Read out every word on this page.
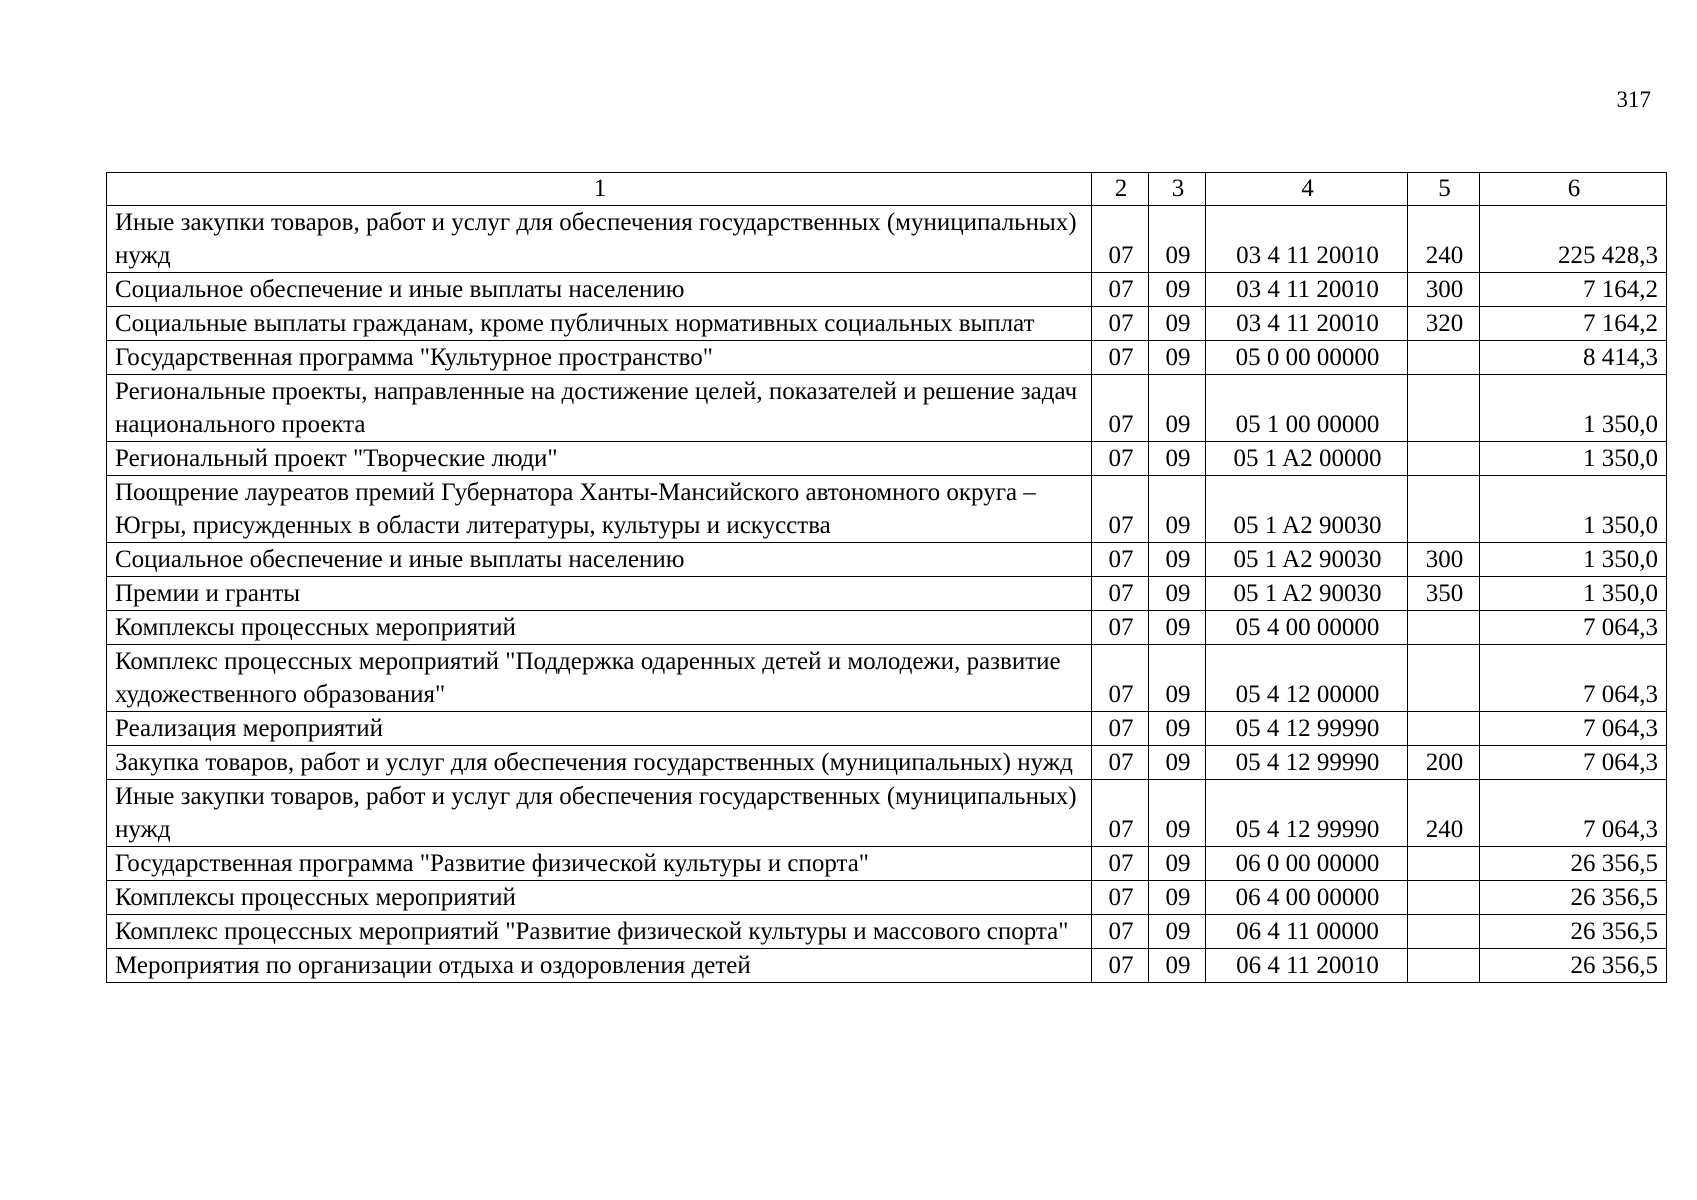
317
1	2	3	4	5	6
Иные закупки товаров, работ и услуг для обеспечения государственных (муниципальных) нужд	07	09	03 4 11 20010	240	225 428,3
Социальное обеспечение и иные выплаты населению	07	09	03 4 11 20010	300	7 164,2
Социальные выплаты гражданам, кроме публичных нормативных социальных выплат	07	09	03 4 11 20010	320	7 164,2
Государственная программа "Культурное пространство"	07	09	05 0 00 00000		8 414,3
Региональные проекты, направленные на достижение целей, показателей и решение задач национального проекта	07	09	05 1 00 00000		1 350,0
Региональный проект "Творческие люди"	07	09	05 1 A2 00000		1 350,0
Поощрение лауреатов премий Губернатора Ханты-Мансийского автономного округа – Югры, присужденных в области литературы, культуры и искусства	07	09	05 1 A2 90030		1 350,0
Социальное обеспечение и иные выплаты населению	07	09	05 1 A2 90030	300	1 350,0
Премии и гранты	07	09	05 1 A2 90030	350	1 350,0
Комплексы процессных мероприятий	07	09	05 4 00 00000		7 064,3
Комплекс процессных мероприятий "Поддержка одаренных детей и молодежи, развитие художественного образования"	07	09	05 4 12 00000		7 064,3
Реализация мероприятий	07	09	05 4 12 99990		7 064,3
Закупка товаров, работ и услуг для обеспечения государственных (муниципальных) нужд	07	09	05 4 12 99990	200	7 064,3
Иные закупки товаров, работ и услуг для обеспечения государственных (муниципальных) нужд	07	09	05 4 12 99990	240	7 064,3
Государственная программа "Развитие физической культуры и спорта"	07	09	06 0 00 00000		26 356,5
Комплексы процессных мероприятий	07	09	06 4 00 00000		26 356,5
Комплекс процессных мероприятий "Развитие физической культуры и массового спорта"	07	09	06 4 11 00000		26 356,5
Мероприятия по организации отдыха и оздоровления детей	07	09	06 4 11 20010		26 356,5
